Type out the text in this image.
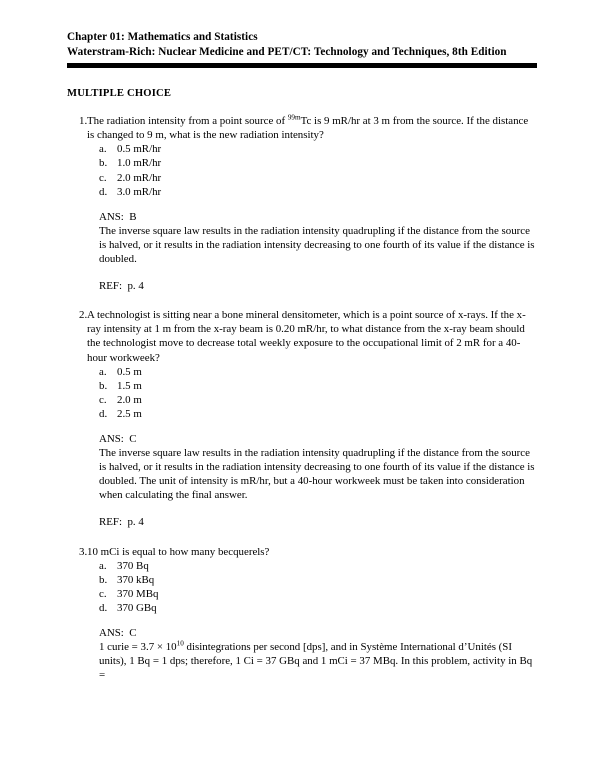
Chapter 01: Mathematics and Statistics
Waterstram-Rich: Nuclear Medicine and PET/CT: Technology and Techniques, 8th Edition
MULTIPLE CHOICE
1. The radiation intensity from a point source of $^{99m}$Tc is 9 mR/hr at 3 m from the source. If the distance is changed to 9 m, what is the new radiation intensity?
a. 0.5 mR/hr
b. 1.0 mR/hr
c. 2.0 mR/hr
d. 3.0 mR/hr
ANS: B
The inverse square law results in the radiation intensity quadrupling if the distance from the source is halved, or it results in the radiation intensity decreasing to one fourth of its value if the distance is doubled.
REF: p. 4
2. A technologist is sitting near a bone mineral densitometer, which is a point source of x-rays. If the x-ray intensity at 1 m from the x-ray beam is 0.20 mR/hr, to what distance from the x-ray beam should the technologist move to decrease total weekly exposure to the occupational limit of 2 mR for a 40-hour workweek?
a. 0.5 m
b. 1.5 m
c. 2.0 m
d. 2.5 m
ANS: C
The inverse square law results in the radiation intensity quadrupling if the distance from the source is halved, or it results in the radiation intensity decreasing to one fourth of its value if the distance is doubled. The unit of intensity is mR/hr, but a 40-hour workweek must be taken into consideration when calculating the final answer.
REF: p. 4
3. 10 mCi is equal to how many becquerels?
a. 370 Bq
b. 370 kBq
c. 370 MBq
d. 370 GBq
ANS: C
1 curie = $3.7 \times 10^{10}$ disintegrations per second [dps], and in Système International d’Unités (SI units), 1 Bq = 1 dps; therefore, 1 Ci = 37 GBq and 1 mCi = 37 MBq. In this problem, activity in Bq =
